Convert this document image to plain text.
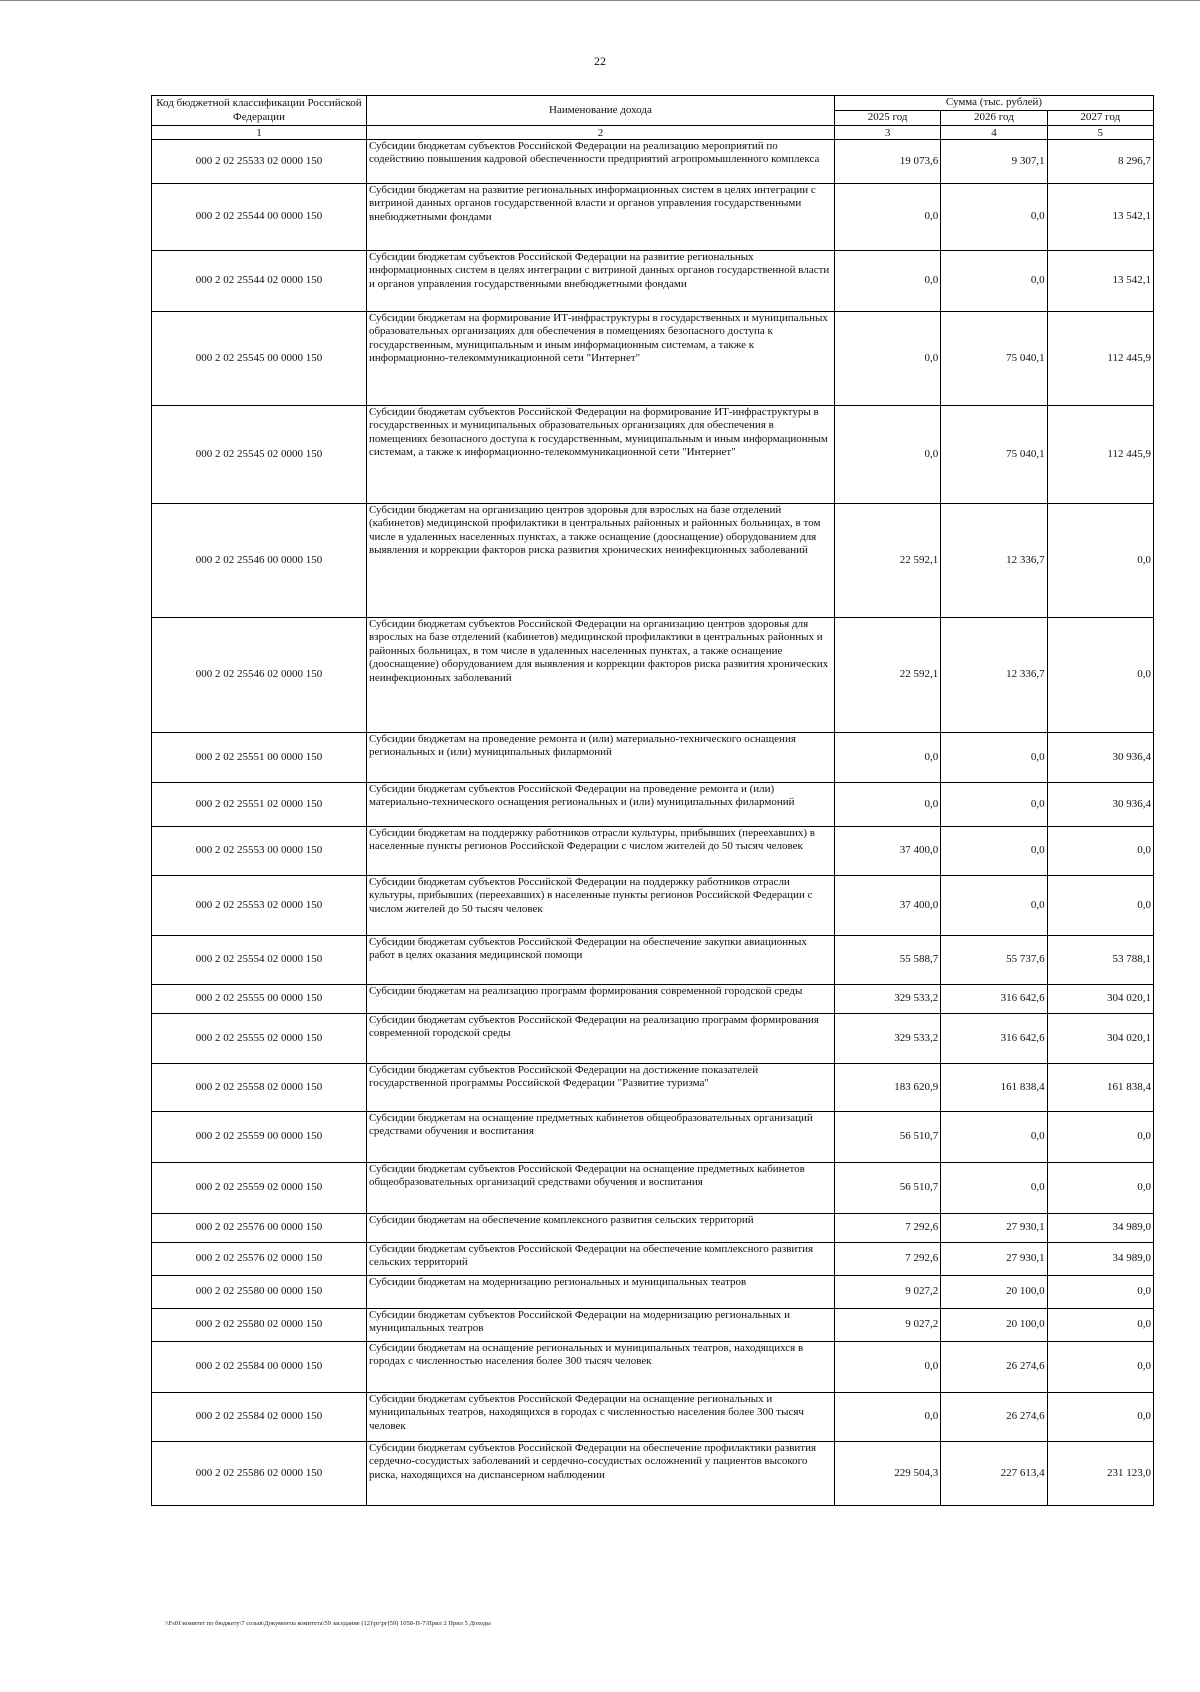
22
Код бюджетной классификации Российской Федерации	Наименование дохода	Сумма (тыс. рублей)		
		2025 год	2026 год	2027 год
1	2	3	4	5
000 2 02 25533 02 0000 150	Субсидии бюджетам субъектов Российской Федерации на реализацию мероприятий по содействию повышения кадровой обеспеченности предприятий агропромышленного комплекса	19 073,6	9 307,1	8 296,7
000 2 02 25544 00 0000 150	Субсидии бюджетам на развитие региональных информационных систем в целях интеграции с витриной данных органов государственной власти и органов управления государственными внебюджетными фондами	0,0	0,0	13 542,1
000 2 02 25544 02 0000 150	Субсидии бюджетам субъектов Российской Федерации на развитие региональных информационных систем в целях интеграции с витриной данных органов государственной власти и органов управления государственными внебюджетными фондами	0,0	0,0	13 542,1
000 2 02 25545 00 0000 150	Субсидии бюджетам на формирование ИТ-инфраструктуры в государственных и муниципальных образовательных организациях для обеспечения в помещениях безопасного доступа к государственным, муниципальным и иным информационным системам, а также к информационно-телекоммуникационной сети "Интернет"	0,0	75 040,1	112 445,9
000 2 02 25545 02 0000 150	Субсидии бюджетам субъектов Российской Федерации на формирование ИТ-инфраструктуры в государственных и муниципальных образовательных организациях для обеспечения в помещениях безопасного доступа к государственным, муниципальным и иным информационным системам, а также к информационно-телекоммуникационной сети "Интернет"	0,0	75 040,1	112 445,9
000 2 02 25546 00 0000 150	Субсидии бюджетам на организацию центров здоровья для взрослых на базе отделений (кабинетов) медицинской профилактики в центральных районных и районных больницах, в том числе в удаленных населенных пунктах, а также оснащение (дооснащение) оборудованием для выявления и коррекции факторов риска развития хронических неинфекционных заболеваний	22 592,1	12 336,7	0,0
000 2 02 25546 02 0000 150	Субсидии бюджетам субъектов Российской Федерации на организацию центров здоровья для взрослых на базе отделений (кабинетов) медицинской профилактики в центральных районных и районных больницах, в том числе в удаленных населенных пунктах, а также оснащение (дооснащение) оборудованием для выявления и коррекции факторов риска развития хронических неинфекционных заболеваний	22 592,1	12 336,7	0,0
000 2 02 25551 00 0000 150	Субсидии бюджетам на проведение ремонта и (или) материально-технического оснащения региональных и (или) муниципальных филармоний	0,0	0,0	30 936,4
000 2 02 25551 02 0000 150	Субсидии бюджетам субъектов Российской Федерации на проведение ремонта и (или) материально-технического оснащения региональных и (или) муниципальных филармоний	0,0	0,0	30 936,4
000 2 02 25553 00 0000 150	Субсидии бюджетам на поддержку работников отрасли культуры, прибывших (переехавших) в населенные пункты регионов Российской Федерации с числом жителей до 50 тысяч человек	37 400,0	0,0	0,0
000 2 02 25553 02 0000 150	Субсидии бюджетам субъектов Российской Федерации на поддержку работников отрасли культуры, прибывших (переехавших) в населенные пункты регионов Российской Федерации с числом жителей до 50 тысяч человек	37 400,0	0,0	0,0
000 2 02 25554 02 0000 150	Субсидии бюджетам субъектов Российской Федерации на обеспечение закупки авиационных работ в целях оказания медицинской помощи	55 588,7	55 737,6	53 788,1
000 2 02 25555 00 0000 150	Субсидии бюджетам на реализацию программ формирования современной городской среды	329 533,2	316 642,6	304 020,1
000 2 02 25555 02 0000 150	Субсидии бюджетам субъектов Российской Федерации на реализацию программ формирования современной городской среды	329 533,2	316 642,6	304 020,1
000 2 02 25558 02 0000 150	Субсидии бюджетам субъектов Российской Федерации на достижение показателей государственной программы Российской Федерации "Развитие туризма"	183 620,9	161 838,4	161 838,4
000 2 02 25559 00 0000 150	Субсидии бюджетам на оснащение предметных кабинетов общеобразовательных организаций средствами обучения и воспитания	56 510,7	0,0	0,0
000 2 02 25559 02 0000 150	Субсидии бюджетам субъектов Российской Федерации на оснащение предметных кабинетов общеобразовательных организаций средствами обучения и воспитания	56 510,7	0,0	0,0
000 2 02 25576 00 0000 150	Субсидии бюджетам на обеспечение комплексного развития сельских территорий	7 292,6	27 930,1	34 989,0
000 2 02 25576 02 0000 150	Субсидии бюджетам субъектов Российской Федерации на обеспечение комплексного развития сельских территорий	7 292,6	27 930,1	34 989,0
000 2 02 25580 00 0000 150	Субсидии бюджетам на модернизацию региональных и муниципальных театров	9 027,2	20 100,0	0,0
000 2 02 25580 02 0000 150	Субсидии бюджетам субъектов Российской Федерации на модернизацию региональных и муниципальных театров	9 027,2	20 100,0	0,0
000 2 02 25584 00 0000 150	Субсидии бюджетам на оснащение региональных и муниципальных театров, находящихся в городах с численностью населения более 300 тысяч человек	0,0	26 274,6	0,0
000 2 02 25584 02 0000 150	Субсидии бюджетам субъектов Российской Федерации на оснащение региональных и муниципальных театров, находящихся в городах с численностью населения более 300 тысяч человек	0,0	26 274,6	0,0
000 2 02 25586 02 0000 150	Субсидии бюджетам субъектов Российской Федерации на обеспечение профилактики развития сердечно-сосудистых заболеваний и сердечно-сосудистых осложнений у пациентов высокого риска, находящихся на диспансерном наблюдении	229 504,3	227 613,4	231 123,0
\\Fs01\комитет по бюджету\7 созыв\Документы комитета\59 заседание (12)\рг\рг(59) 1058-П-7\Прил 2 Прил 5 Доходы
